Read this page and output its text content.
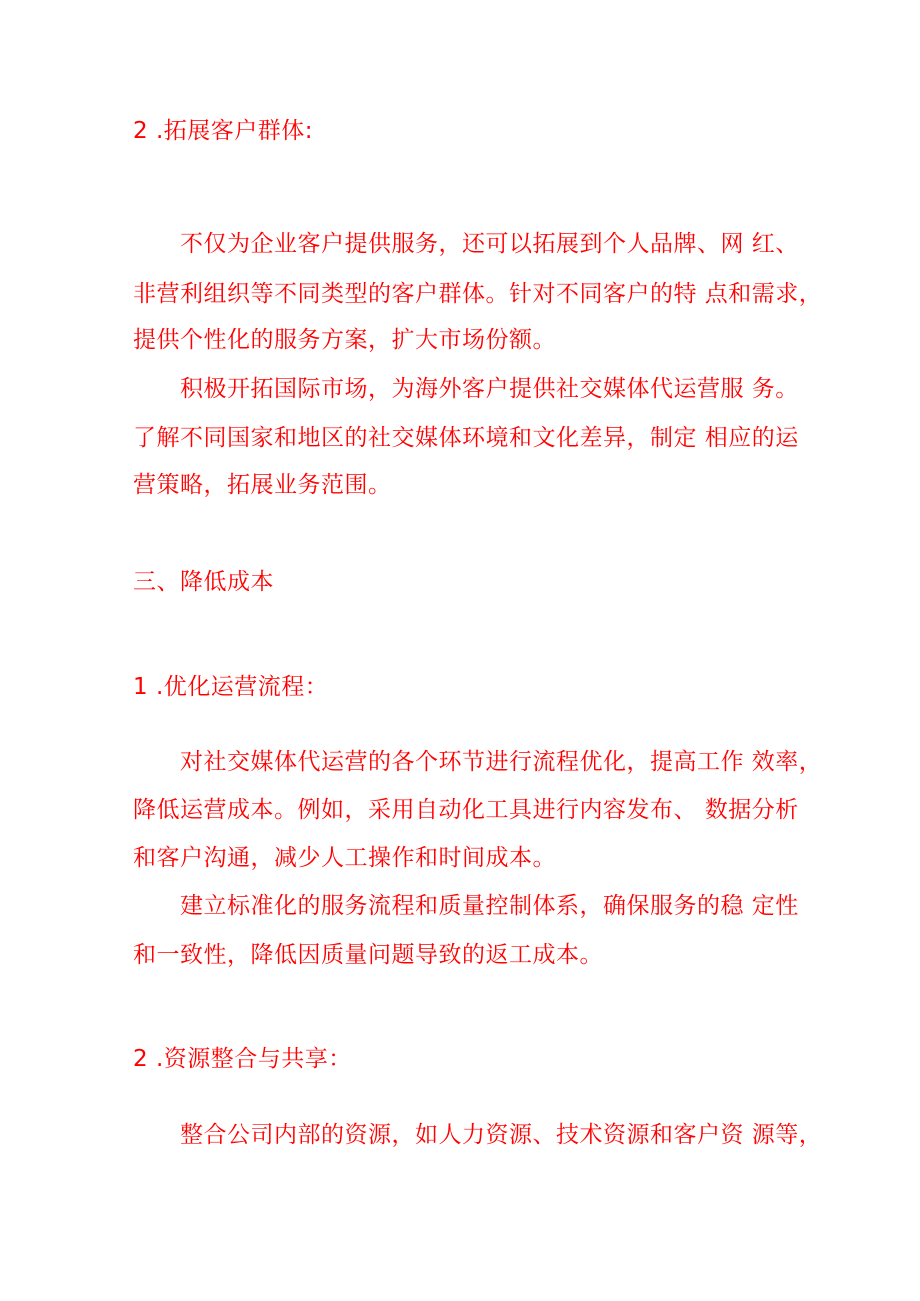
2 .拓展客户群体:
不仅为企业客户提供服务，还可以拓展到个人品牌、网 红、
非营利组织等不同类型的客户群体。针对不同客户的特 点和需求，
提供个性化的服务方案，扩大市场份额。
积极开拓国际市场，为海外客户提供社交媒体代运营服 务。
了解不同国家和地区的社交媒体环境和文化差异，制定 相应的运
营策略，拓展业务范围。
三、降低成本
1 .优化运营流程：
对社交媒体代运营的各个环节进行流程优化，提高工作 效率，
降低运营成本。例如，采用自动化工具进行内容发布、 数据分析
和客户沟通，减少人工操作和时间成本。
建立标准化的服务流程和质量控制体系，确保服务的稳 定性
和一致性，降低因质量问题导致的返工成本。
2 .资源整合与共享：
整合公司内部的资源，如人力资源、技术资源和客户资 源等，
